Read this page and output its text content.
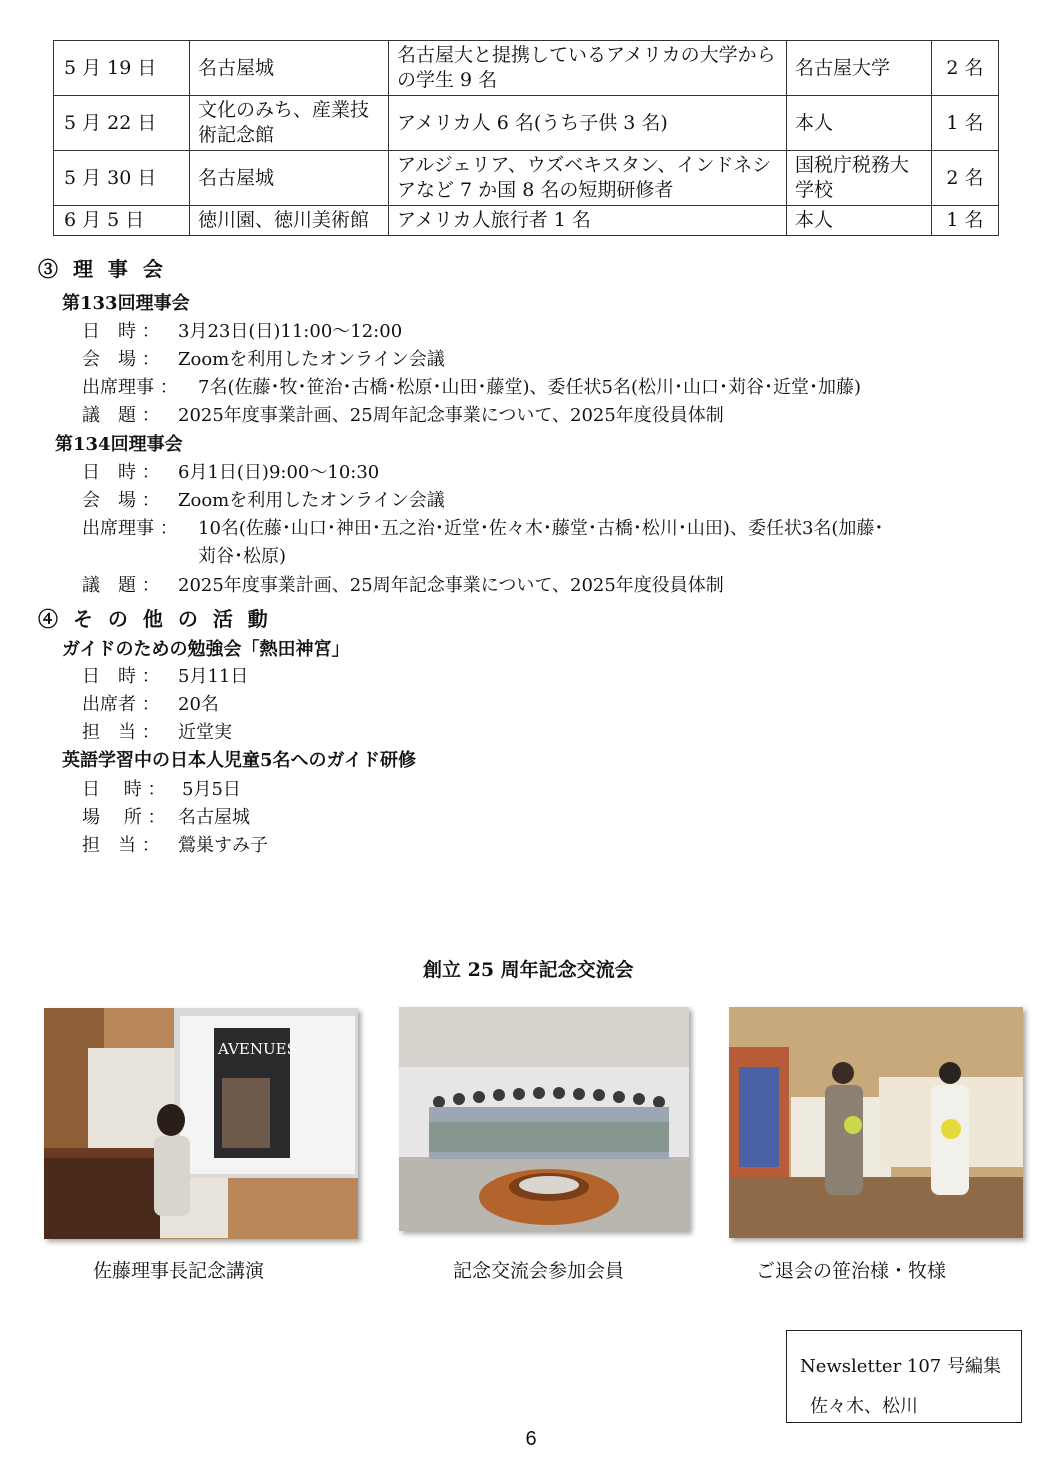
5 月 19 日	名古屋城	名古屋大と提携しているアメリカの大学からの学生 9 名	名古屋大学	2 名
5 月 22 日	文化のみち、産業技術記念館	アメリカ人 6 名(うち子供 3 名)	本人	1 名
5 月 30 日	名古屋城	アルジェリア、ウズベキスタン、インドネシアなど 7 か国 8 名の短期研修者	国税庁税務大学校	2 名
6 月 5 日	徳川園、徳川美術館	アメリカ人旅行者 1 名	本人	1 名
③ 理 事 会
第133回理事会
日　時 ： 3月23日(日)11:00～12:00
会　場 ： Zoomを利用したオンライン会議
出席理事 ： 7名(佐藤･牧･笹治･古橋･松原･山田･藤堂)、委任状5名(松川･山口･苅谷･近堂･加藤)
議　題 ： 2025年度事業計画、25周年記念事業について、2025年度役員体制
第134回理事会
日　時 ： 6月1日(日)9:00～10:30
会　場 ： Zoomを利用したオンライン会議
出席理事 ： 10名(佐藤･山口･神田･五之治･近堂･佐々木･藤堂･古橋･松川･山田)、委任状3名(加藤･
苅谷･松原)
議　題 ： 2025年度事業計画、25周年記念事業について、2025年度役員体制
④ そ の 他 の 活 動
ガイドのための勉強会「熱田神宮」
日　時 ： 5月11日
出席者 ： 20名
担　当 ： 近堂実
英語学習中の日本人児童5名へのガイド研修
日　 時 ： 5月5日
場　 所 ： 名古屋城
担　当 ： 鶯巣すみ子
創立 25 周年記念交流会
AVENUES
佐藤理事長記念講演	記念交流会参加会員	ご退会の笹治様・牧様
Newsletter 107 号編集
佐々木、松川
6
